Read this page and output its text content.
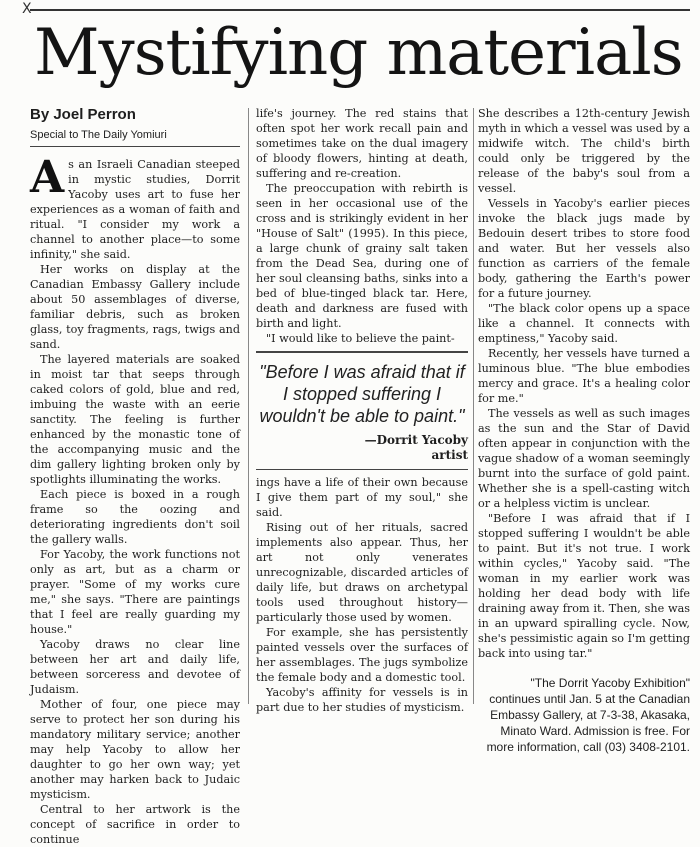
X
Mystifying materials
By Joel Perron
Special to The Daily Yomiuri

As an Israeli Canadian steeped in mystic studies, Dorrit Yacoby uses art to fuse her experiences as a woman of faith and ritual. "I consider my work a channel to another place—to some infinity," she said.

Her works on display at the Canadian Embassy Gallery include about 50 assemblages of diverse, familiar debris, such as broken glass, toy fragments, rags, twigs and sand.

The layered materials are soaked in moist tar that seeps through caked colors of gold, blue and red, imbuing the waste with an eerie sanctity. The feeling is further enhanced by the monastic tone of the accompanying music and the dim gallery lighting broken only by spotlights illuminating the works.

Each piece is boxed in a rough frame so the oozing and deteriorating ingredients don't soil the gallery walls.

For Yacoby, the work functions not only as art, but as a charm or prayer. "Some of my works cure me," she says. "There are paintings that I feel are really guarding my house."

Yacoby draws no clear line between her art and daily life, between sorceress and devotee of Judaism.

Mother of four, one piece may serve to protect her son during his mandatory military service; another may help Yacoby to allow her daughter to go her own way; yet another may harken back to Judaic mysticism.

Central to her artwork is the concept of sacrifice in order to continue

life's journey. The red stains that often spot her work recall pain and sometimes take on the dual imagery of bloody flowers, hinting at death, suffering and re-creation.

The preoccupation with rebirth is seen in her occasional use of the cross and is strikingly evident in her "House of Salt" (1995). In this piece, a large chunk of grainy salt taken from the Dead Sea, during one of her soul cleansing baths, sinks into a bed of blue-tinged black tar. Here, death and darkness are fused with birth and light.

"I would like to believe the paint-

"Before I was afraid that if I stopped suffering I wouldn't be able to paint."
—Dorrit Yacoby
artist

ings have a life of their own because I give them part of my soul," she said.

Rising out of her rituals, sacred implements also appear. Thus, her art not only venerates unrecognizable, discarded articles of daily life, but draws on archetypal tools used throughout history—particularly those used by women.

For example, she has persistently painted vessels over the surfaces of her assemblages. The jugs symbolize the female body and a domestic tool.

Yacoby's affinity for vessels is in part due to her studies of mysticism.

She describes a 12th-century Jewish myth in which a vessel was used by a midwife witch. The child's birth could only be triggered by the release of the baby's soul from a vessel.

Vessels in Yacoby's earlier pieces invoke the black jugs made by Bedouin desert tribes to store food and water. But her vessels also function as carriers of the female body, gathering the Earth's power for a future journey.

"The black color opens up a space like a channel. It connects with emptiness," Yacoby said.

Recently, her vessels have turned a luminous blue. "The blue embodies mercy and grace. It's a healing color for me."

The vessels as well as such images as the sun and the Star of David often appear in conjunction with the vague shadow of a woman seemingly burnt into the surface of gold paint. Whether she is a spell-casting witch or a helpless victim is unclear.

"Before I was afraid that if I stopped suffering I wouldn't be able to paint. But it's not true. I work within cycles," Yacoby said. "The woman in my earlier work was holding her dead body with life draining away from it. Then, she was in an upward spiralling cycle. Now, she's pessimistic again so I'm getting back into using tar."

"The Dorrit Yacoby Exhibition" continues until Jan. 5 at the Canadian Embassy Gallery, at 7-3-38, Akasaka, Minato Ward. Admission is free. For more information, call (03) 3408-2101.
